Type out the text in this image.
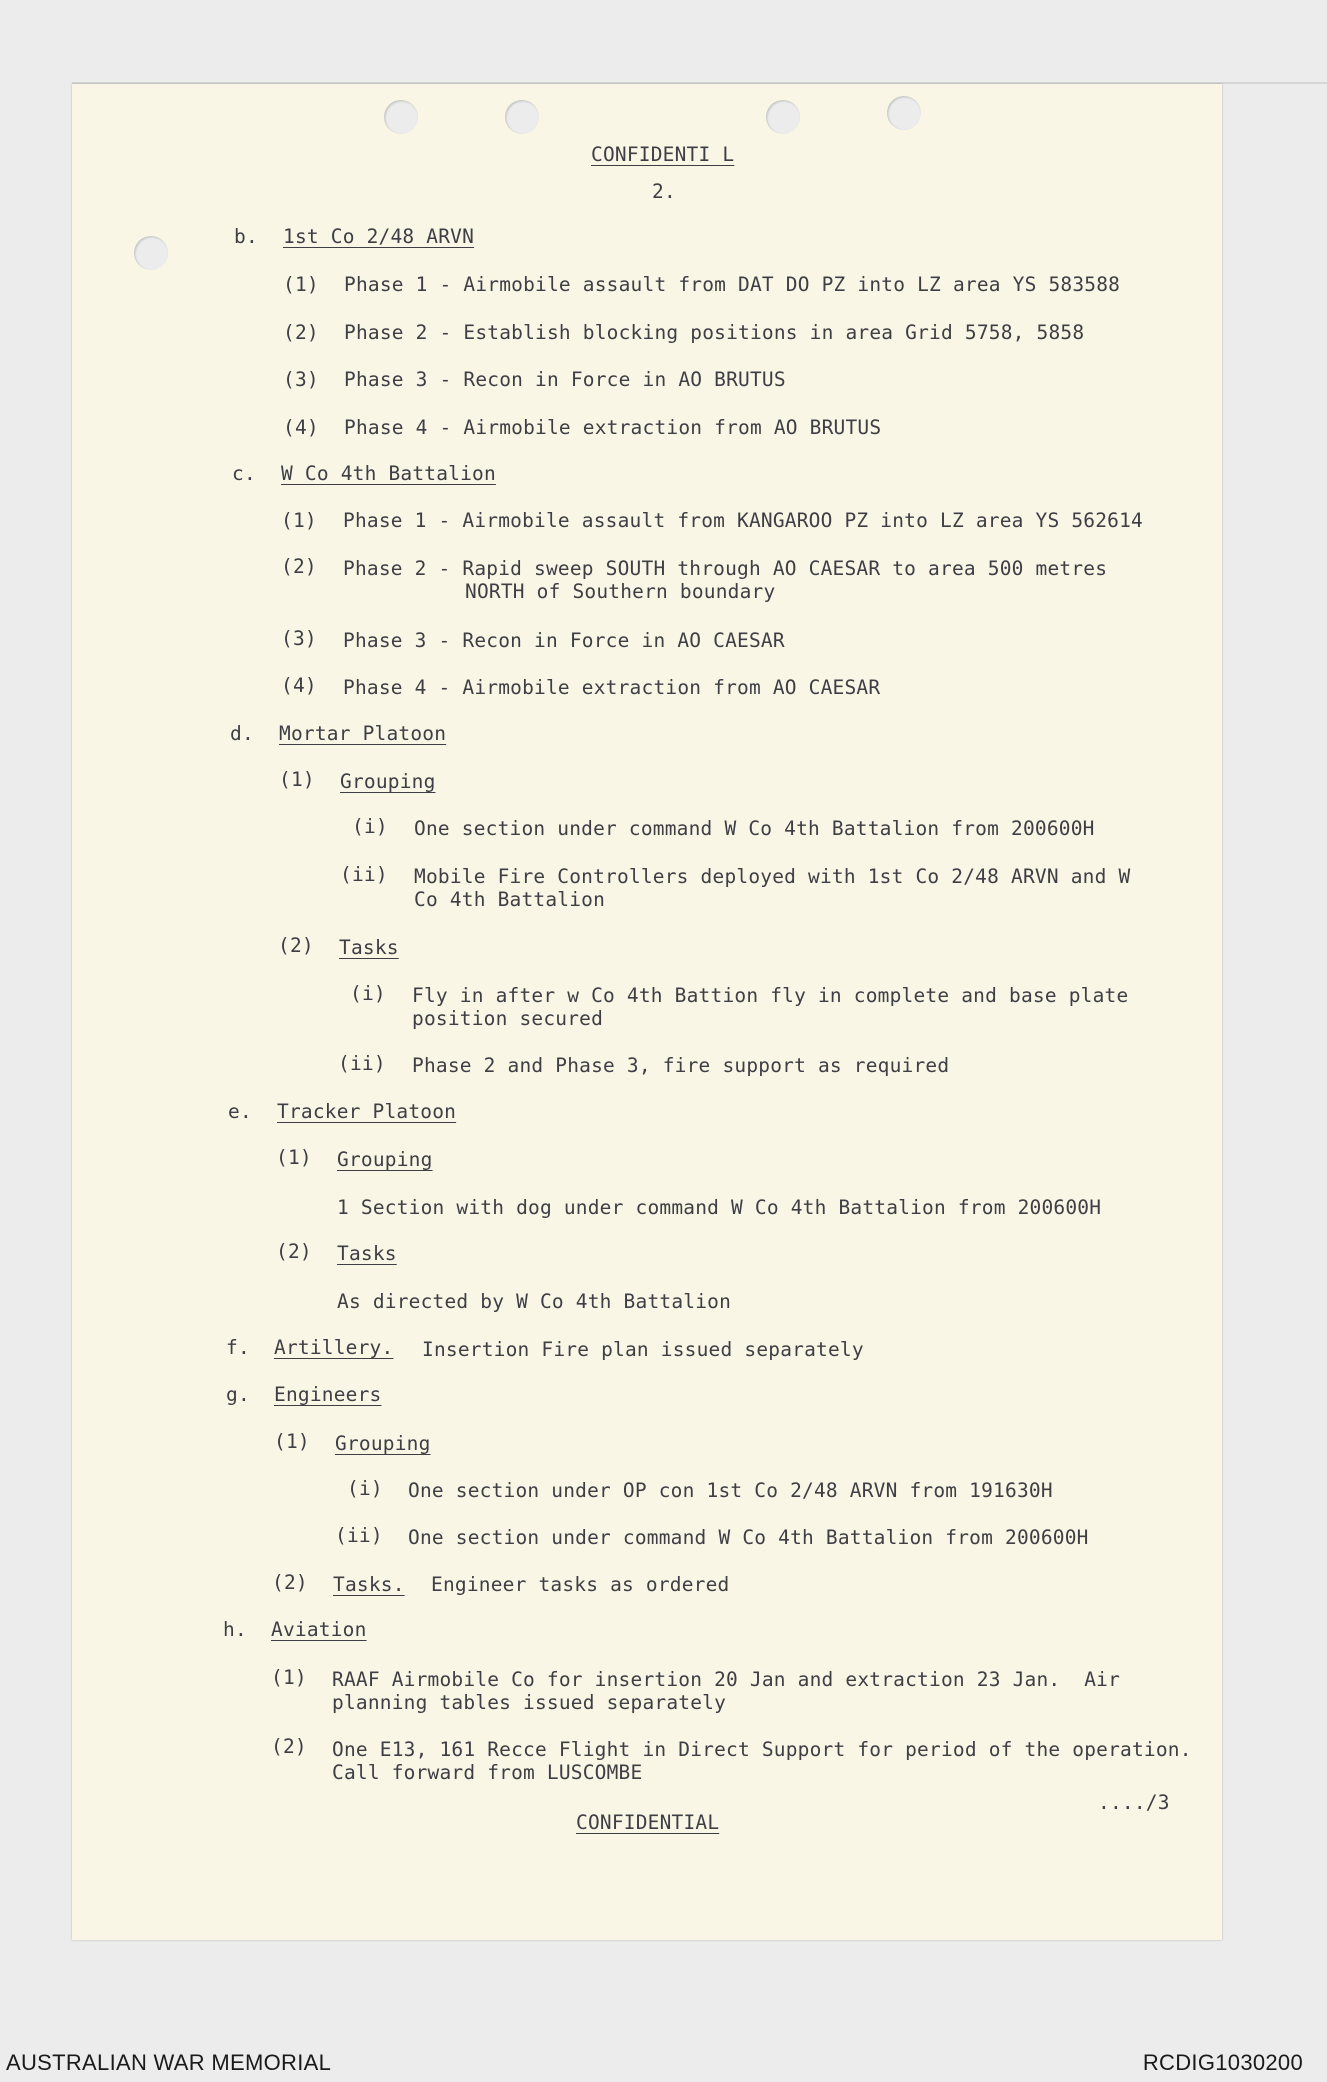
CONFIDENTI L
2.
b. 1st Co 2/48 ARVN
(1) Phase 1 - Airmobile assault from DAT DO PZ into LZ area YS 583588
(2) Phase 2 - Establish blocking positions in area Grid 5758, 5858
(3) Phase 3 - Recon in Force in AO BRUTUS
(4) Phase 4 - Airmobile extraction from AO BRUTUS
c. W Co 4th Battalion
(1) Phase 1 - Airmobile assault from KANGAROO PZ into LZ area YS 562614
(2) Phase 2 - Rapid sweep SOUTH through AO CAESAR to area 500 metres
NORTH of Southern boundary
(3) Phase 3 - Recon in Force in AO CAESAR
(4) Phase 4 - Airmobile extraction from AO CAESAR
d. Mortar Platoon
(1) Grouping
(i) One section under command W Co 4th Battalion from 200600H
(ii) Mobile Fire Controllers deployed with 1st Co 2/48 ARVN and W
Co 4th Battalion
(2) Tasks
(i) Fly in after w Co 4th Battion fly in complete and base plate
position secured
(ii) Phase 2 and Phase 3, fire support as required
e. Tracker Platoon
(1) Grouping
1 Section with dog under command W Co 4th Battalion from 200600H
(2) Tasks
As directed by W Co 4th Battalion
f. Artillery. Insertion Fire plan issued separately
g. Engineers
(1) Grouping
(i) One section under OP con 1st Co 2/48 ARVN from 191630H
(ii) One section under command W Co 4th Battalion from 200600H
(2) Tasks. Engineer tasks as ordered
h. Aviation
(1) RAAF Airmobile Co for insertion 20 Jan and extraction 23 Jan.  Air
planning tables issued separately
(2) One E13, 161 Recce Flight in Direct Support for period of the operation.
Call forward from LUSCOMBE
..../3
CONFIDENTIAL
AUSTRALIAN WAR MEMORIAL	RCDIG1030200
